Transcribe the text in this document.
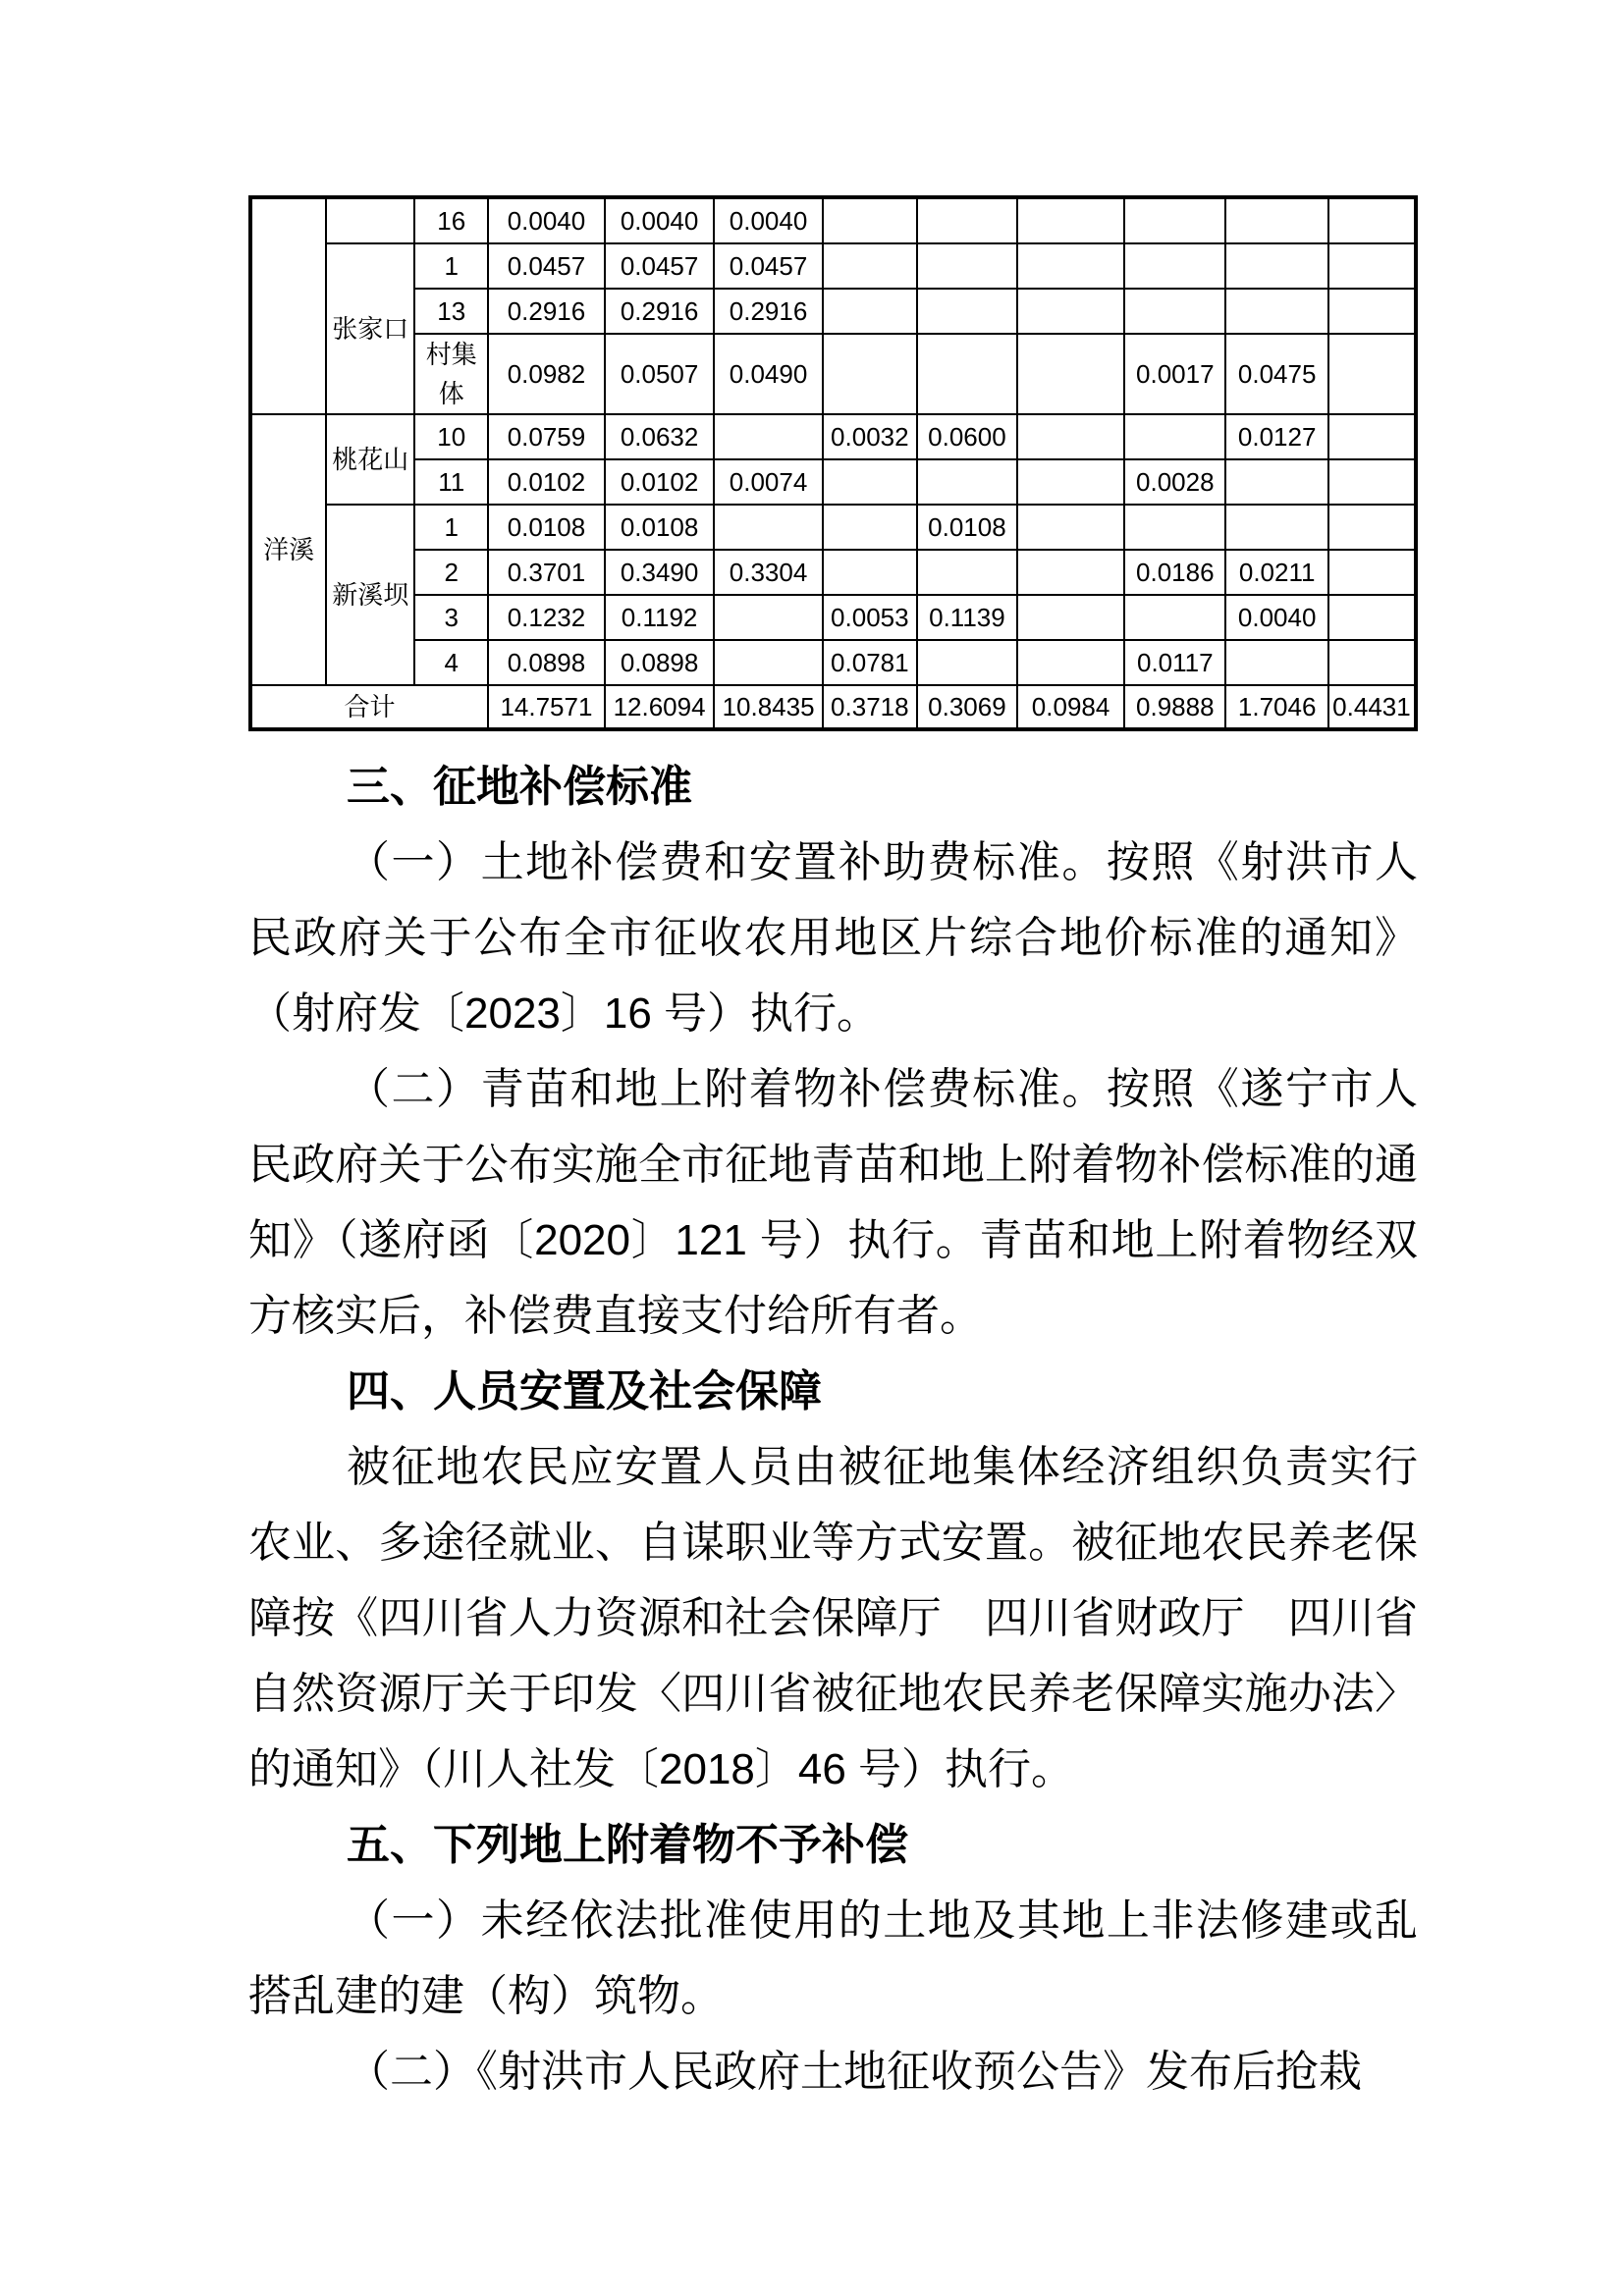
		16	0.0040	0.0040	0.0040						
	张家口	1	0.0457	0.0457	0.0457						
		13	0.2916	0.2916	0.2916						
		村集体	0.0982	0.0507	0.0490				0.0017	0.0475	
洋溪	桃花山	10	0.0759	0.0632		0.0032	0.0600			0.0127	
		11	0.0102	0.0102	0.0074				0.0028		
	新溪坝	1	0.0108	0.0108			0.0108				
		2	0.3701	0.3490	0.3304				0.0186	0.0211	
		3	0.1232	0.1192		0.0053	0.1139			0.0040	
		4	0.0898	0.0898		0.0781			0.0117		
合计			14.7571	12.6094	10.8435	0.3718	0.3069	0.0984	0.9888	1.7046	0.4431

三、征地补偿标准

（一）土地补偿费和安置补助费标准。按照《射洪市人民政府关于公布全市征收农用地区片综合地价标准的通知》（射府发〔2023〕16 号）执行。

（二）青苗和地上附着物补偿费标准。按照《遂宁市人民政府关于公布实施全市征地青苗和地上附着物补偿标准的通知》（遂府函〔2020〕121 号）执行。青苗和地上附着物经双方核实后，补偿费直接支付给所有者。

四、人员安置及社会保障

被征地农民应安置人员由被征地集体经济组织负责实行农业、多途径就业、自谋职业等方式安置。被征地农民养老保障按《四川省人力资源和社会保障厅　四川省财政厅　四川省自然资源厅关于印发〈四川省被征地农民养老保障实施办法〉的通知》（川人社发〔2018〕46 号）执行。

五、下列地上附着物不予补偿

（一）未经依法批准使用的土地及其地上非法修建或乱搭乱建的建（构）筑物。

（二）《射洪市人民政府土地征收预公告》发布后抢栽
